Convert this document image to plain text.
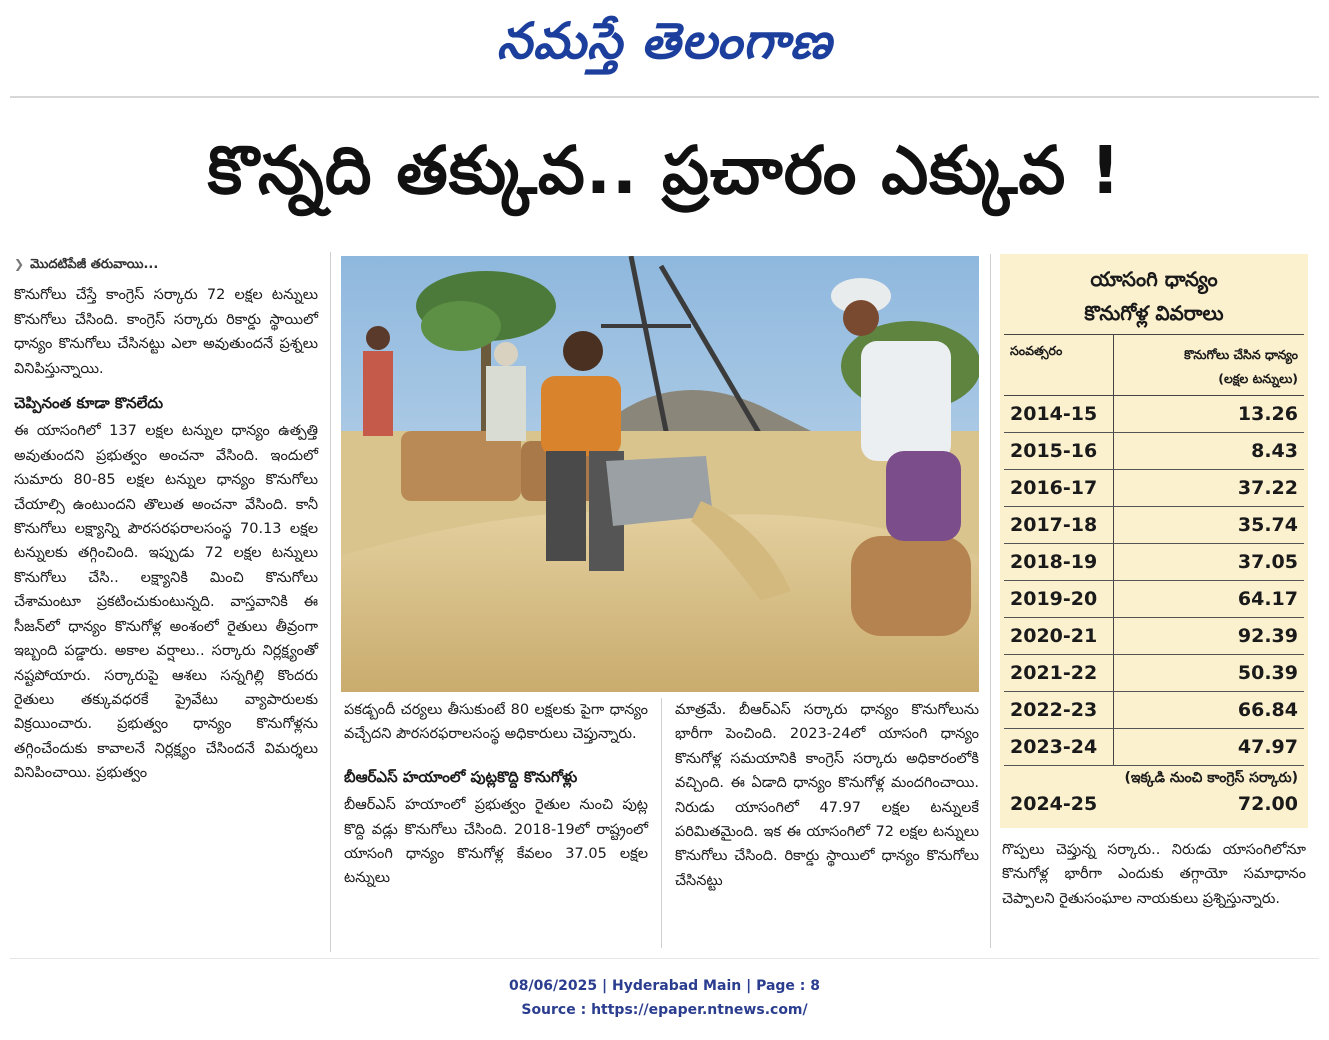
నమస్తే తెలంగాణ
కొన్నది తక్కువ.. ప్రచారం ఎక్కువ !

❯ మొదటిపేజీ తరువాయి...

కొనుగోలు చేస్తే కాంగ్రెస్ సర్కారు 72 లక్షల టన్నులు కొనుగోలు చేసింది. కాంగ్రెస్ సర్కారు రికార్డు స్థాయిలో ధాన్యం కొనుగోలు చేసినట్టు ఎలా అవుతుందనే ప్రశ్నలు వినిపిస్తున్నాయి.

చెప్పినంత కూడా కొనలేదు

ఈ యాసంగిలో 137 లక్షల టన్నుల ధాన్యం ఉత్పత్తి అవుతుందని ప్రభుత్వం అంచనా వేసింది. ఇందులో సుమారు 80-85 లక్షల టన్నుల ధాన్యం కొనుగోలు చేయాల్సి ఉంటుందని తొలుత అంచనా వేసింది. కానీ కొనుగోలు లక్ష్యాన్ని పౌరసరఫరాలసంస్థ 70.13 లక్షల టన్నులకు తగ్గించింది. ఇప్పుడు 72 లక్షల టన్నులు కొనుగోలు చేసి.. లక్ష్యానికి మించి కొనుగోలు చేశామంటూ ప్రకటించుకుంటున్నది. వాస్తవానికి ఈ సీజన్‌లో ధాన్యం కొనుగోళ్ల అంశంలో రైతులు తీవ్రంగా ఇబ్బంది పడ్డారు. అకాల వర్షాలు.. సర్కారు నిర్లక్ష్యంతో నష్టపోయారు. సర్కారుపై ఆశలు సన్నగిల్లి కొందరు రైతులు తక్కువధరకే ప్రైవేటు వ్యాపారులకు విక్రయించారు. ప్రభుత్వం ధాన్యం కొనుగోళ్లను తగ్గించేందుకు కావాలనే నిర్లక్ష్యం చేసిందనే విమర్శలు వినిపించాయి. ప్రభుత్వం

పకడ్బందీ చర్యలు తీసుకుంటే 80 లక్షలకు పైగా ధాన్యం వచ్చేదని పౌరసరఫరాలసంస్థ అధికారులు చెప్తున్నారు.

బీఆర్‌ఎస్ హయాంలో పుట్లకొద్ది కొనుగోళ్లు

బీఆర్‌ఎస్ హయాంలో ప్రభుత్వం రైతుల నుంచి పుట్ల కొద్ది వడ్లు కొనుగోలు చేసింది. 2018-19లో రాష్ట్రంలో యాసంగి ధాన్యం కొనుగోళ్ల కేవలం 37.05 లక్షల టన్నులు

మాత్రమే. బీఆర్‌ఎస్ సర్కారు ధాన్యం కొనుగోలును భారీగా పెంచింది. 2023-24లో యాసంగి ధాన్యం కొనుగోళ్ల సమయానికి కాంగ్రెస్ సర్కారు అధికారంలోకి వచ్చింది. ఈ ఏడాది ధాన్యం కొనుగోళ్ల మందగించాయి. నిరుడు యాసంగిలో 47.97 లక్షల టన్నులకే పరిమితమైంది. ఇక ఈ యాసంగిలో 72 లక్షల టన్నులు కొనుగోలు చేసింది. రికార్డు స్థాయిలో ధాన్యం కొనుగోలు చేసినట్టు

యాసంగి ధాన్యం
కొనుగోళ్ల వివరాలు
సంవత్సరం	కొనుగోలు చేసిన ధాన్యం
(లక్షల టన్నులు)
2014-15	13.26
2015-16	8.43
2016-17	37.22
2017-18	35.74
2018-19	37.05
2019-20	64.17
2020-21	92.39
2021-22	50.39
2022-23	66.84
2023-24	47.97
(ఇక్కడి నుంచి కాంగ్రెస్ సర్కారు)
2024-25	72.00

గొప్పలు చెప్తున్న సర్కారు.. నిరుడు యాసంగిలోనూ కొనుగోళ్ల భారీగా ఎందుకు తగ్గాయో సమాధానం చెప్పాలని రైతుసంఘాల నాయకులు ప్రశ్నిస్తున్నారు.

08/06/2025 | Hyderabad Main | Page : 8
Source : https://epaper.ntnews.com/
